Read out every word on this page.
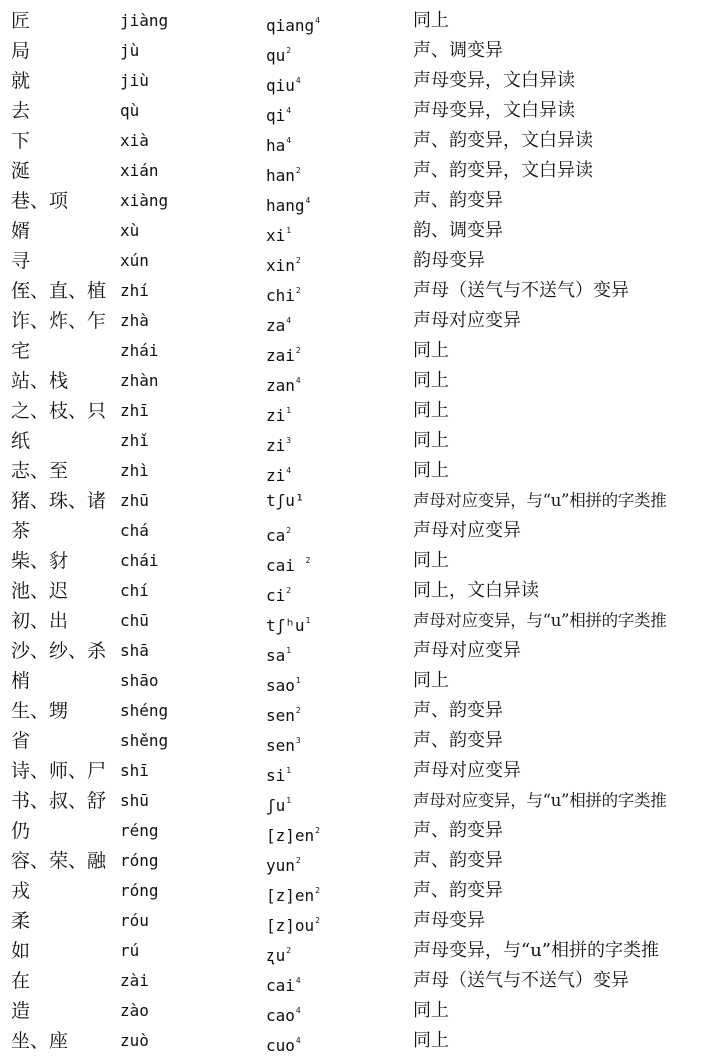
匠	jiàng	qiang$^4$	同上
局	jù	$qu^2$	声、调变异
就	jiù	qiu$^4$	声母变异，文白异读
去	qù	$qi^4$	声母变异，文白异读
下	xià	$ha^4$	声、韵变异，文白异读
涎	xián	han$^2$	声、韵变异，文白异读
巷、项	xiàng	hang$^4$	声、韵变异
婿	xù	$xi^1$	韵、调变异
寻	xún	xin$^2$	韵母变异
侄、直、植 zhí	chi$^2$	声母（送气与不送气）变异
诈、炸、乍 zhà	$za^4$	声母对应变异
宅	zhái	zai$^2$	同上
站、栈	zhàn	zan$^4$	同上
之、枝、只 zhī	$zi^1$	同上
纸	zhǐ	$zi^3$	同上
志、至	zhì	$zi^4$	同上
猪、珠、诸 zhū	tʃu¹	声母对应变异，与“u”相拼的字类推
茶	chá	$ca^2$	声母对应变异
柴、豺	chái	cai $^2$	同上
池、迟	chí	$ci^2$	同上，文白异读
初、出	chū	tʃʰu$^1$	声母对应变异，与“u”相拼的字类推
沙、纱、杀 shā	$sa^1$	声母对应变异
梢	shāo	sao$^1$	同上
生、甥	shéng	sen$^2$	声、韵变异
省	shěng	sen$^3$	声、韵变异
诗、师、尸 shī	$si^1$	声母对应变异
书、叔、舒 shū	ʃu$^1$	声母对应变异，与“u”相拼的字类推
仍	réng	$[z]en^2$	声、韵变异
容、荣、融 róng	yun$^2$	声、韵变异
戎	róng	$[z]en^2$	声、韵变异
柔	róu	$[z]ou^2$	声母变异
如	rú	ʐu$^2$	声母变异，与“u”相拼的字类推
在	zài	cai$^4$	声母（送气与不送气）变异
造	zào	cao$^4$	同上
坐、座	zuò	cuo$^4$	同上
